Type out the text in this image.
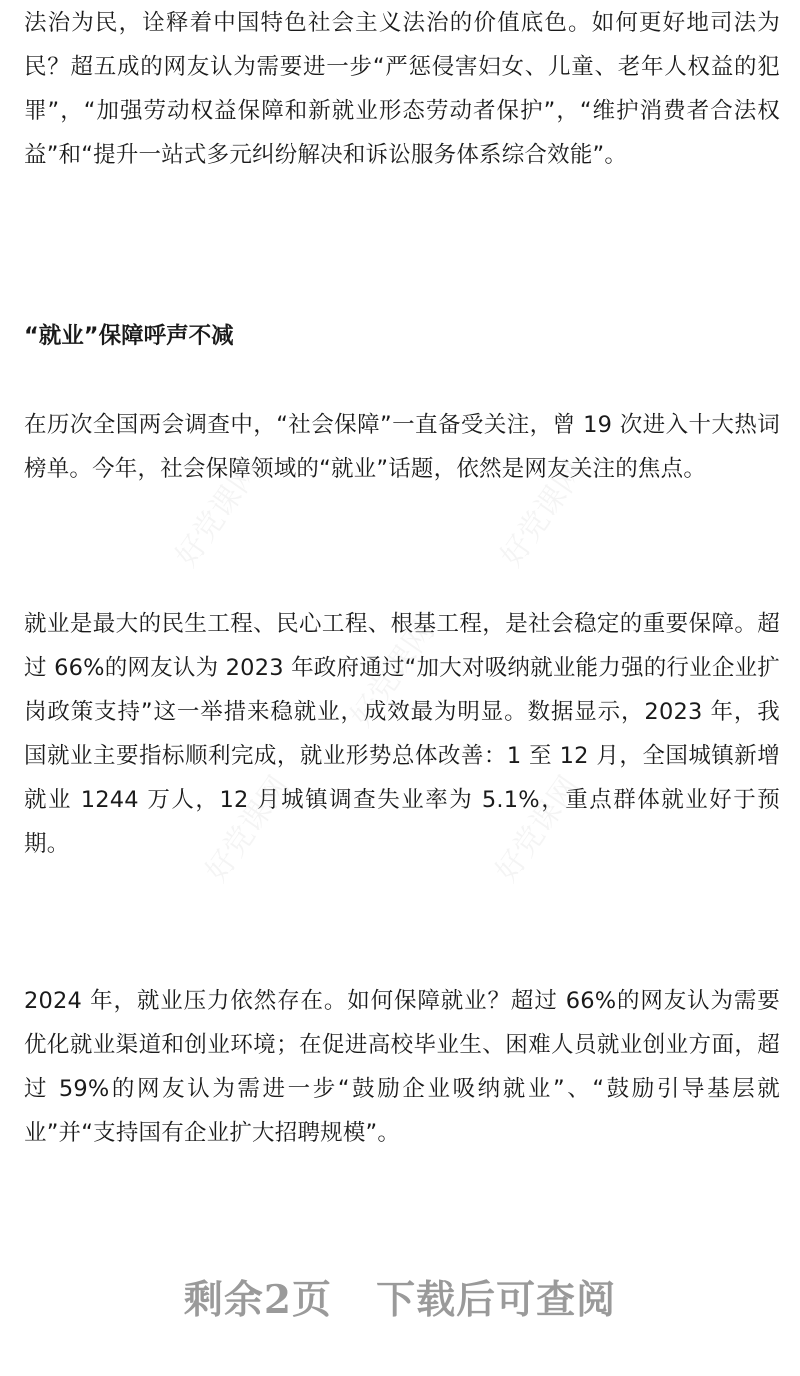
法治为民，诠释着中国特色社会主义法治的价值底色。如何更好地司法为民？超五成的网友认为需要进一步“严惩侵害妇女、儿童、老年人权益的犯罪”，“加强劳动权益保障和新就业形态劳动者保护”，“维护消费者合法权益”和“提升一站式多元纠纷解决和诉讼服务体系综合效能”。

“就业”保障呼声不减

在历次全国两会调查中，“社会保障”一直备受关注，曾 19 次进入十大热词榜单。今年，社会保障领域的“就业”话题，依然是网友关注的焦点。

就业是最大的民生工程、民心工程、根基工程，是社会稳定的重要保障。超过 66%的网友认为 2023 年政府通过“加大对吸纳就业能力强的行业企业扩岗政策支持”这一举措来稳就业，成效最为明显。数据显示，2023 年，我国就业主要指标顺利完成，就业形势总体改善：1 至 12 月，全国城镇新增就业 1244 万人，12 月城镇调查失业率为 5.1%，重点群体就业好于预期。

2024 年，就业压力依然存在。如何保障就业？超过 66%的网友认为需要优化就业渠道和创业环境；在促进高校毕业生、困难人员就业创业方面，超过 59%的网友认为需进一步“鼓励企业吸纳就业”、“鼓励引导基层就业”并“支持国有企业扩大招聘规模”。

好党课网	好党课网
好党课网
好党课网	好党课网
剩余2页 下载后可查阅
